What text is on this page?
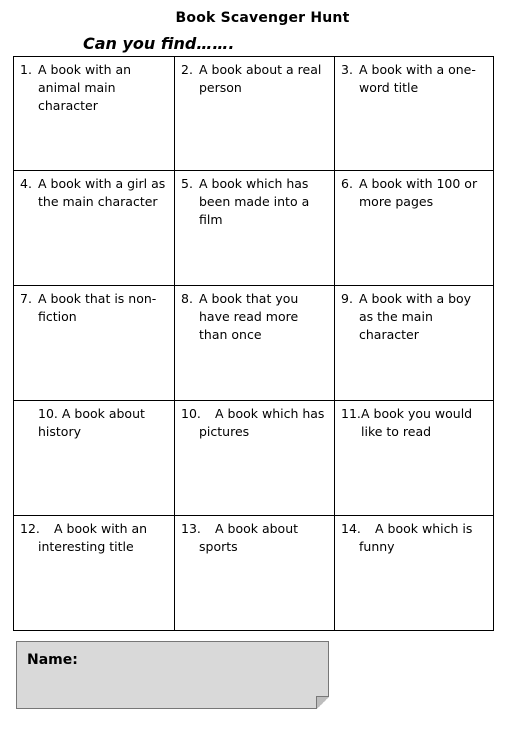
Book Scavenger Hunt
Can you find…….
1. A book with an animal main character
2. A book about a real person
3. A book with a one-word title
4. A book with a girl as the main character
5. A book which has been made into a film
6. A book with 100 or more pages
7. A book that is non-fiction
8. A book that you have read more than once
9. A book with a boy as the main character
10. A book about history
10.	A book which has pictures
11. A book you would like to read
12.	A book with an interesting title
13.	A book about sports
14.	A book which is funny
Name:
